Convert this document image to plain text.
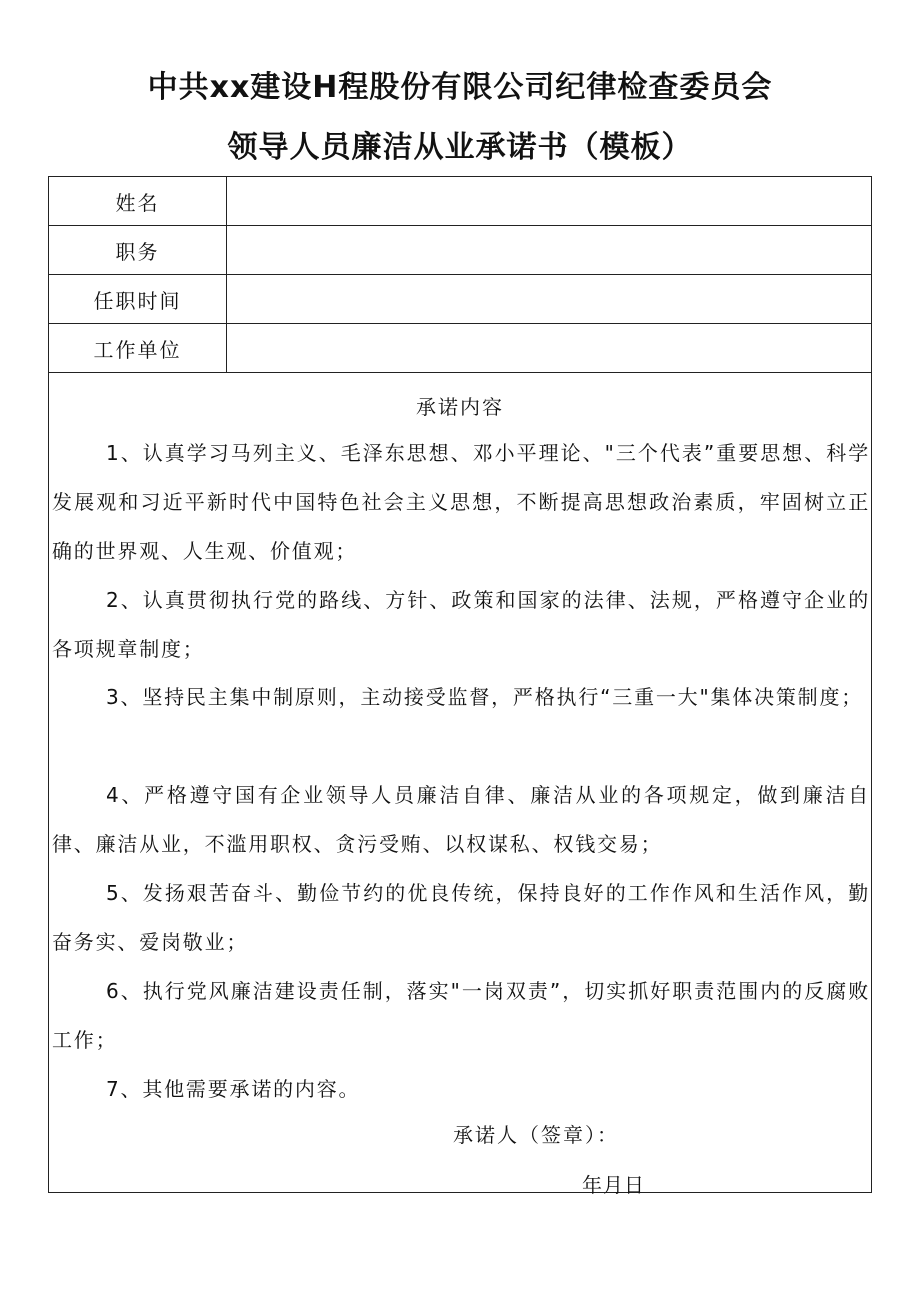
中共xx建设H程股份有限公司纪律检查委员会
领导人员廉洁从业承诺书（模板）
姓名
职务
任职时间
工作单位
承诺内容

1、认真学习马列主义、毛泽东思想、邓小平理论、"三个代表”重要思想、科学发展观和习近平新时代中国特色社会主义思想，不断提高思想政治素质，牢固树立正确的世界观、人生观、价值观；

2、认真贯彻执行党的路线、方针、政策和国家的法律、法规，严格遵守企业的各项规章制度；

3、坚持民主集中制原则，主动接受监督，严格执行“三重一大"集体决策制度；

4、严格遵守国有企业领导人员廉洁自律、廉洁从业的各项规定，做到廉洁自律、廉洁从业，不滥用职权、贪污受贿、以权谋私、权钱交易；

5、发扬艰苦奋斗、勤俭节约的优良传统，保持良好的工作作风和生活作风，勤奋务实、爱岗敬业；

6、执行党风廉洁建设责任制，落实"一岗双责”，切实抓好职责范围内的反腐败工作；

7、其他需要承诺的内容。

承诺人（签章）：
年月日
